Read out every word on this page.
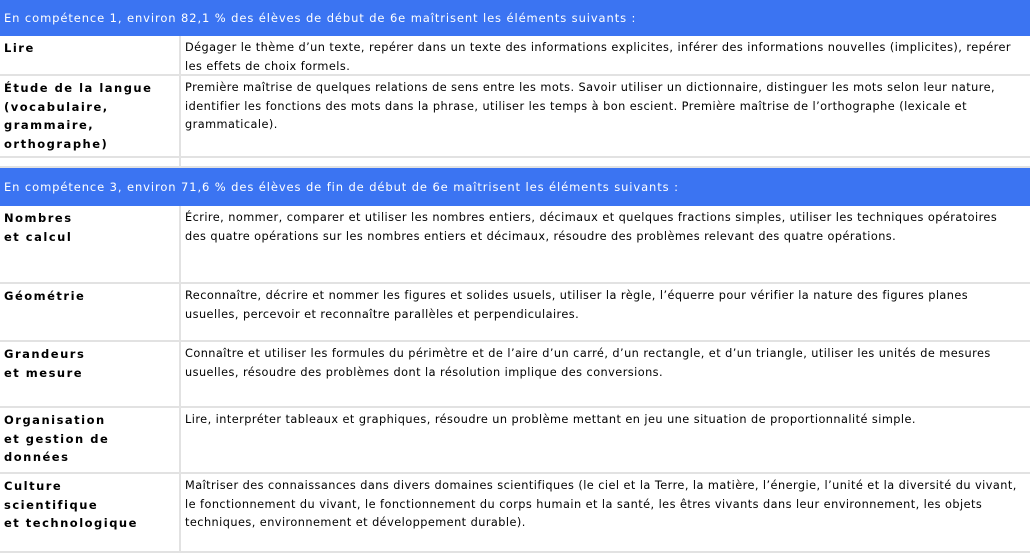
En compétence 1, environ 82,1 % des élèves de début de 6e maîtrisent les éléments suivants :
Lire	Dégager le thème d’un texte, repérer dans un texte des informations explicites, inférer des informations nouvelles (implicites), repérer les effets de choix formels.
Étude de la langue
(vocabulaire,
grammaire,
orthographe)
Première maîtrise de quelques relations de sens entre les mots. Savoir utiliser un dictionnaire, distinguer les mots selon leur nature, identifier les fonctions des mots dans la phrase, utiliser les temps à bon escient. Première maîtrise de l’orthographe (lexicale et grammaticale).
En compétence 3, environ 71,6 % des élèves de fin de début de 6e maîtrisent les éléments suivants :
Nombres
et calcul
Écrire, nommer, comparer et utiliser les nombres entiers, décimaux et quelques fractions simples, utiliser les techniques opératoires des quatre opérations sur les nombres entiers et décimaux, résoudre des problèmes relevant des quatre opérations.
Géométrie	Reconnaître, décrire et nommer les figures et solides usuels, utiliser la règle, l’équerre pour vérifier la nature des figures planes usuelles, percevoir et reconnaître parallèles et perpendiculaires.
Grandeurs
et mesure
Connaître et utiliser les formules du périmètre et de l’aire d’un carré, d’un rectangle, et d’un triangle, utiliser les unités de mesures usuelles, résoudre des problèmes dont la résolution implique des conversions.
Organisation
et gestion de
données
Lire, interpréter tableaux et graphiques, résoudre un problème mettant en jeu une situation de proportionnalité simple.
Culture
scientifique
et technologique
Maîtriser des connaissances dans divers domaines scientifiques (le ciel et la Terre, la matière, l’énergie, l’unité et la diversité du vivant, le fonctionnement du vivant, le fonctionnement du corps humain et la santé, les êtres vivants dans leur environnement, les objets techniques, environnement et développement durable).
